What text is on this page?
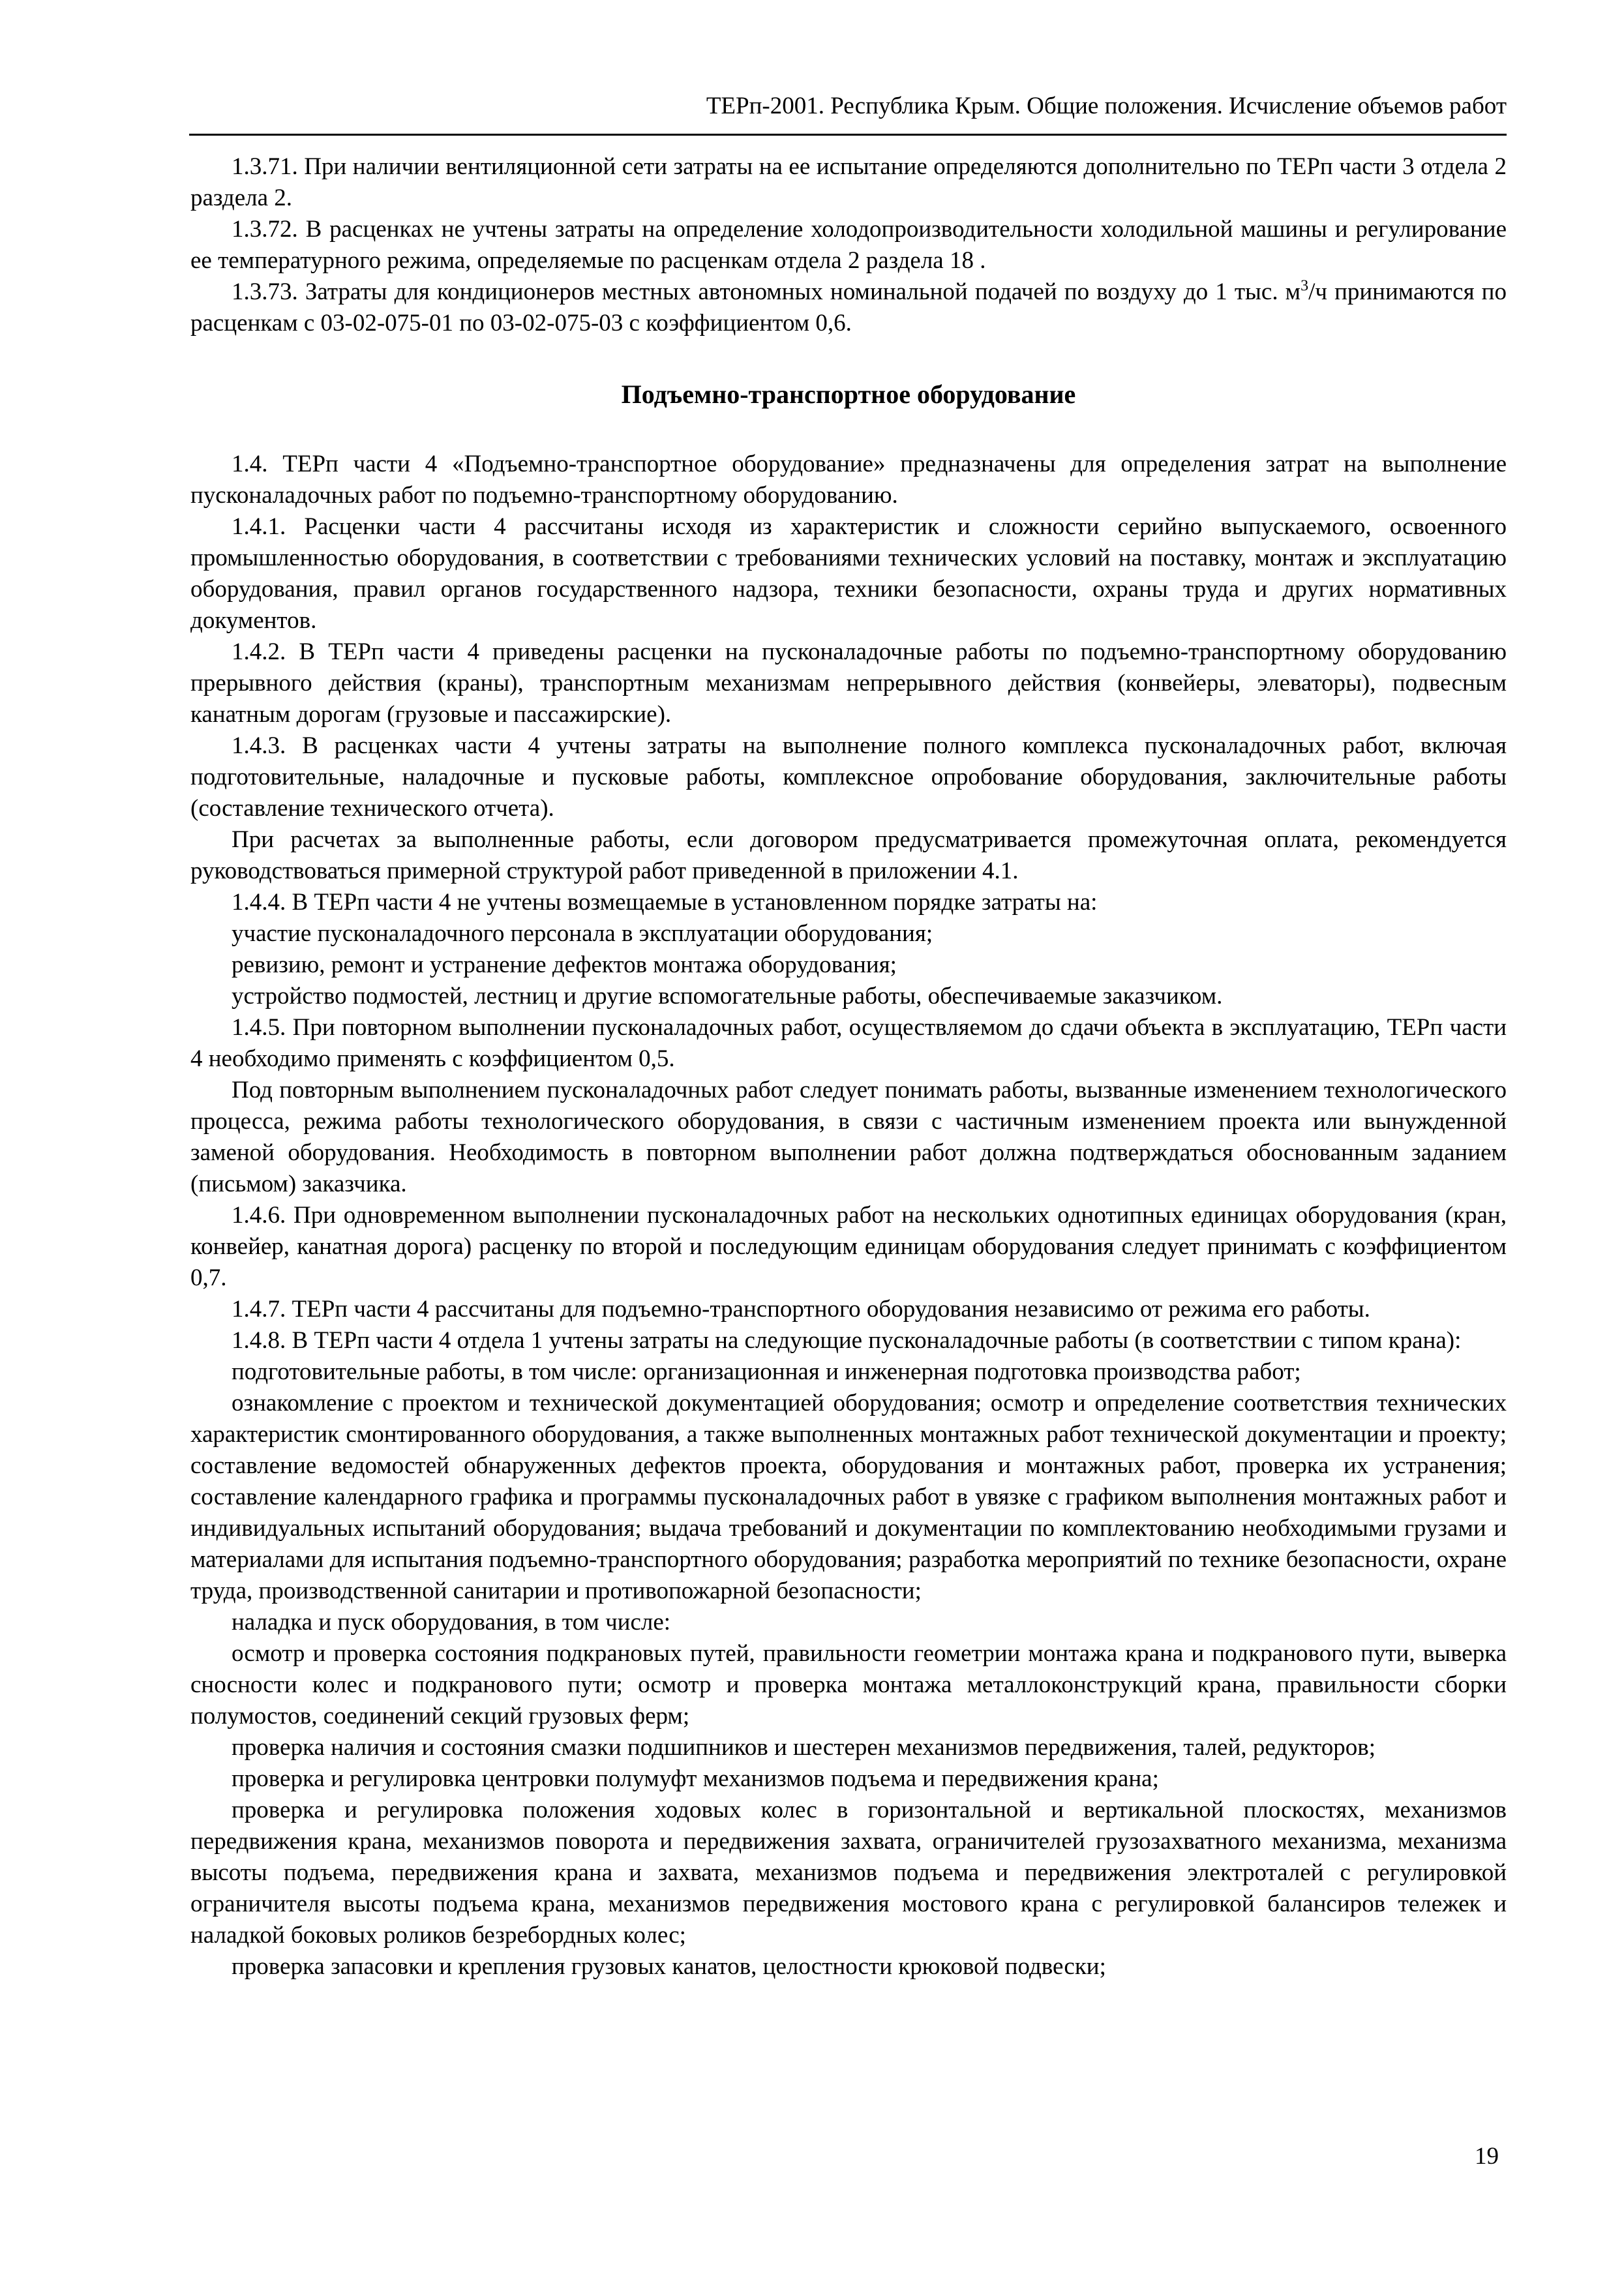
ТЕРп-2001. Республика Крым. Общие положения. Исчисление объемов работ

1.3.71. При наличии вентиляционной сети затраты на ее испытание определяются дополнительно по ТЕРп части 3 отдела 2 раздела 2.

1.3.72. В расценках не учтены затраты на определение холодопроизводительности холодильной машины и регулирование ее температурного режима, определяемые по расценкам отдела 2 раздела 18 .

1.3.73. Затраты для кондиционеров местных автономных номинальной подачей по воздуху до 1 тыс. $м^3/ч$ принимаются по расценкам с 03-02-075-01 по 03-02-075-03 с коэффициентом 0,6.

Подъемно-транспортное оборудование

1.4. ТЕРп части 4 «Подъемно-транспортное оборудование» предназначены для определения затрат на выполнение пусконаладочных работ по подъемно-транспортному оборудованию.

1.4.1. Расценки части 4 рассчитаны исходя из характеристик и сложности серийно выпускаемого, освоенного промышленностью оборудования, в соответствии с требованиями технических условий на поставку, монтаж и эксплуатацию оборудования, правил органов государственного надзора, техники безопасности, охраны труда и других нормативных документов.

1.4.2. В ТЕРп части 4 приведены расценки на пусконаладочные работы по подъемно-транспортному оборудованию прерывного действия (краны), транспортным механизмам непрерывного действия (конвейеры, элеваторы), подвесным канатным дорогам (грузовые и пассажирские).

1.4.3. В расценках части 4 учтены затраты на выполнение полного комплекса пусконаладочных работ, включая подготовительные, наладочные и пусковые работы, комплексное опробование оборудования, заключительные работы (составление технического отчета).

При расчетах за выполненные работы, если договором предусматривается промежуточная оплата, рекомендуется руководствоваться примерной структурой работ приведенной в приложении 4.1.

1.4.4. В ТЕРп части 4 не учтены возмещаемые в установленном порядке затраты на:

участие пусконаладочного персонала в эксплуатации оборудования;

ревизию, ремонт и устранение дефектов монтажа оборудования;

устройство подмостей, лестниц и другие вспомогательные работы, обеспечиваемые заказчиком.

1.4.5. При повторном выполнении пусконаладочных работ, осуществляемом до сдачи объекта в эксплуатацию, ТЕРп части 4 необходимо применять с коэффициентом 0,5.

Под повторным выполнением пусконаладочных работ следует понимать работы, вызванные изменением технологического процесса, режима работы технологического оборудования, в связи с частичным изменением проекта или вынужденной заменой оборудования. Необходимость в повторном выполнении работ должна подтверждаться обоснованным заданием (письмом) заказчика.

1.4.6. При одновременном выполнении пусконаладочных работ на нескольких однотипных единицах оборудования (кран, конвейер, канатная дорога) расценку по второй и последующим единицам оборудования следует принимать с коэффициентом 0,7.

1.4.7. ТЕРп части 4 рассчитаны для подъемно-транспортного оборудования независимо от режима его работы.

1.4.8. В ТЕРп части 4 отдела 1 учтены затраты на следующие пусконаладочные работы (в соответствии с типом крана):

подготовительные работы, в том числе: организационная и инженерная подготовка производства работ;

ознакомление с проектом и технической документацией оборудования; осмотр и определение соответствия технических характеристик смонтированного оборудования, а также выполненных монтажных работ технической документации и проекту; составление ведомостей обнаруженных дефектов проекта, оборудования и монтажных работ, проверка их устранения; составление календарного графика и программы пусконаладочных работ в увязке с графиком выполнения монтажных работ и индивидуальных испытаний оборудования; выдача требований и документации по комплектованию необходимыми грузами и материалами для испытания подъемно-транспортного оборудования; разработка мероприятий по технике безопасности, охране труда, производственной санитарии и противопожарной безопасности;

наладка и пуск оборудования, в том числе:

осмотр и проверка состояния подкрановых путей, правильности геометрии монтажа крана и подкранового пути, выверка сносности колес и подкранового пути; осмотр и проверка монтажа металлоконструкций крана, правильности сборки полумостов, соединений секций грузовых ферм;

проверка наличия и состояния смазки подшипников и шестерен механизмов передвижения, талей, редукторов;

проверка и регулировка центровки полумуфт механизмов подъема и передвижения крана;

проверка и регулировка положения ходовых колес в горизонтальной и вертикальной плоскостях, механизмов передвижения крана, механизмов поворота и передвижения захвата, ограничителей грузозахватного механизма, механизма высоты подъема, передвижения крана и захвата, механизмов подъема и передвижения электроталей с регулировкой ограничителя высоты подъема крана, механизмов передвижения мостового крана с регулировкой балансиров тележек и наладкой боковых роликов безребордных колес;

проверка запасовки и крепления грузовых канатов, целостности крюковой подвески;

19
